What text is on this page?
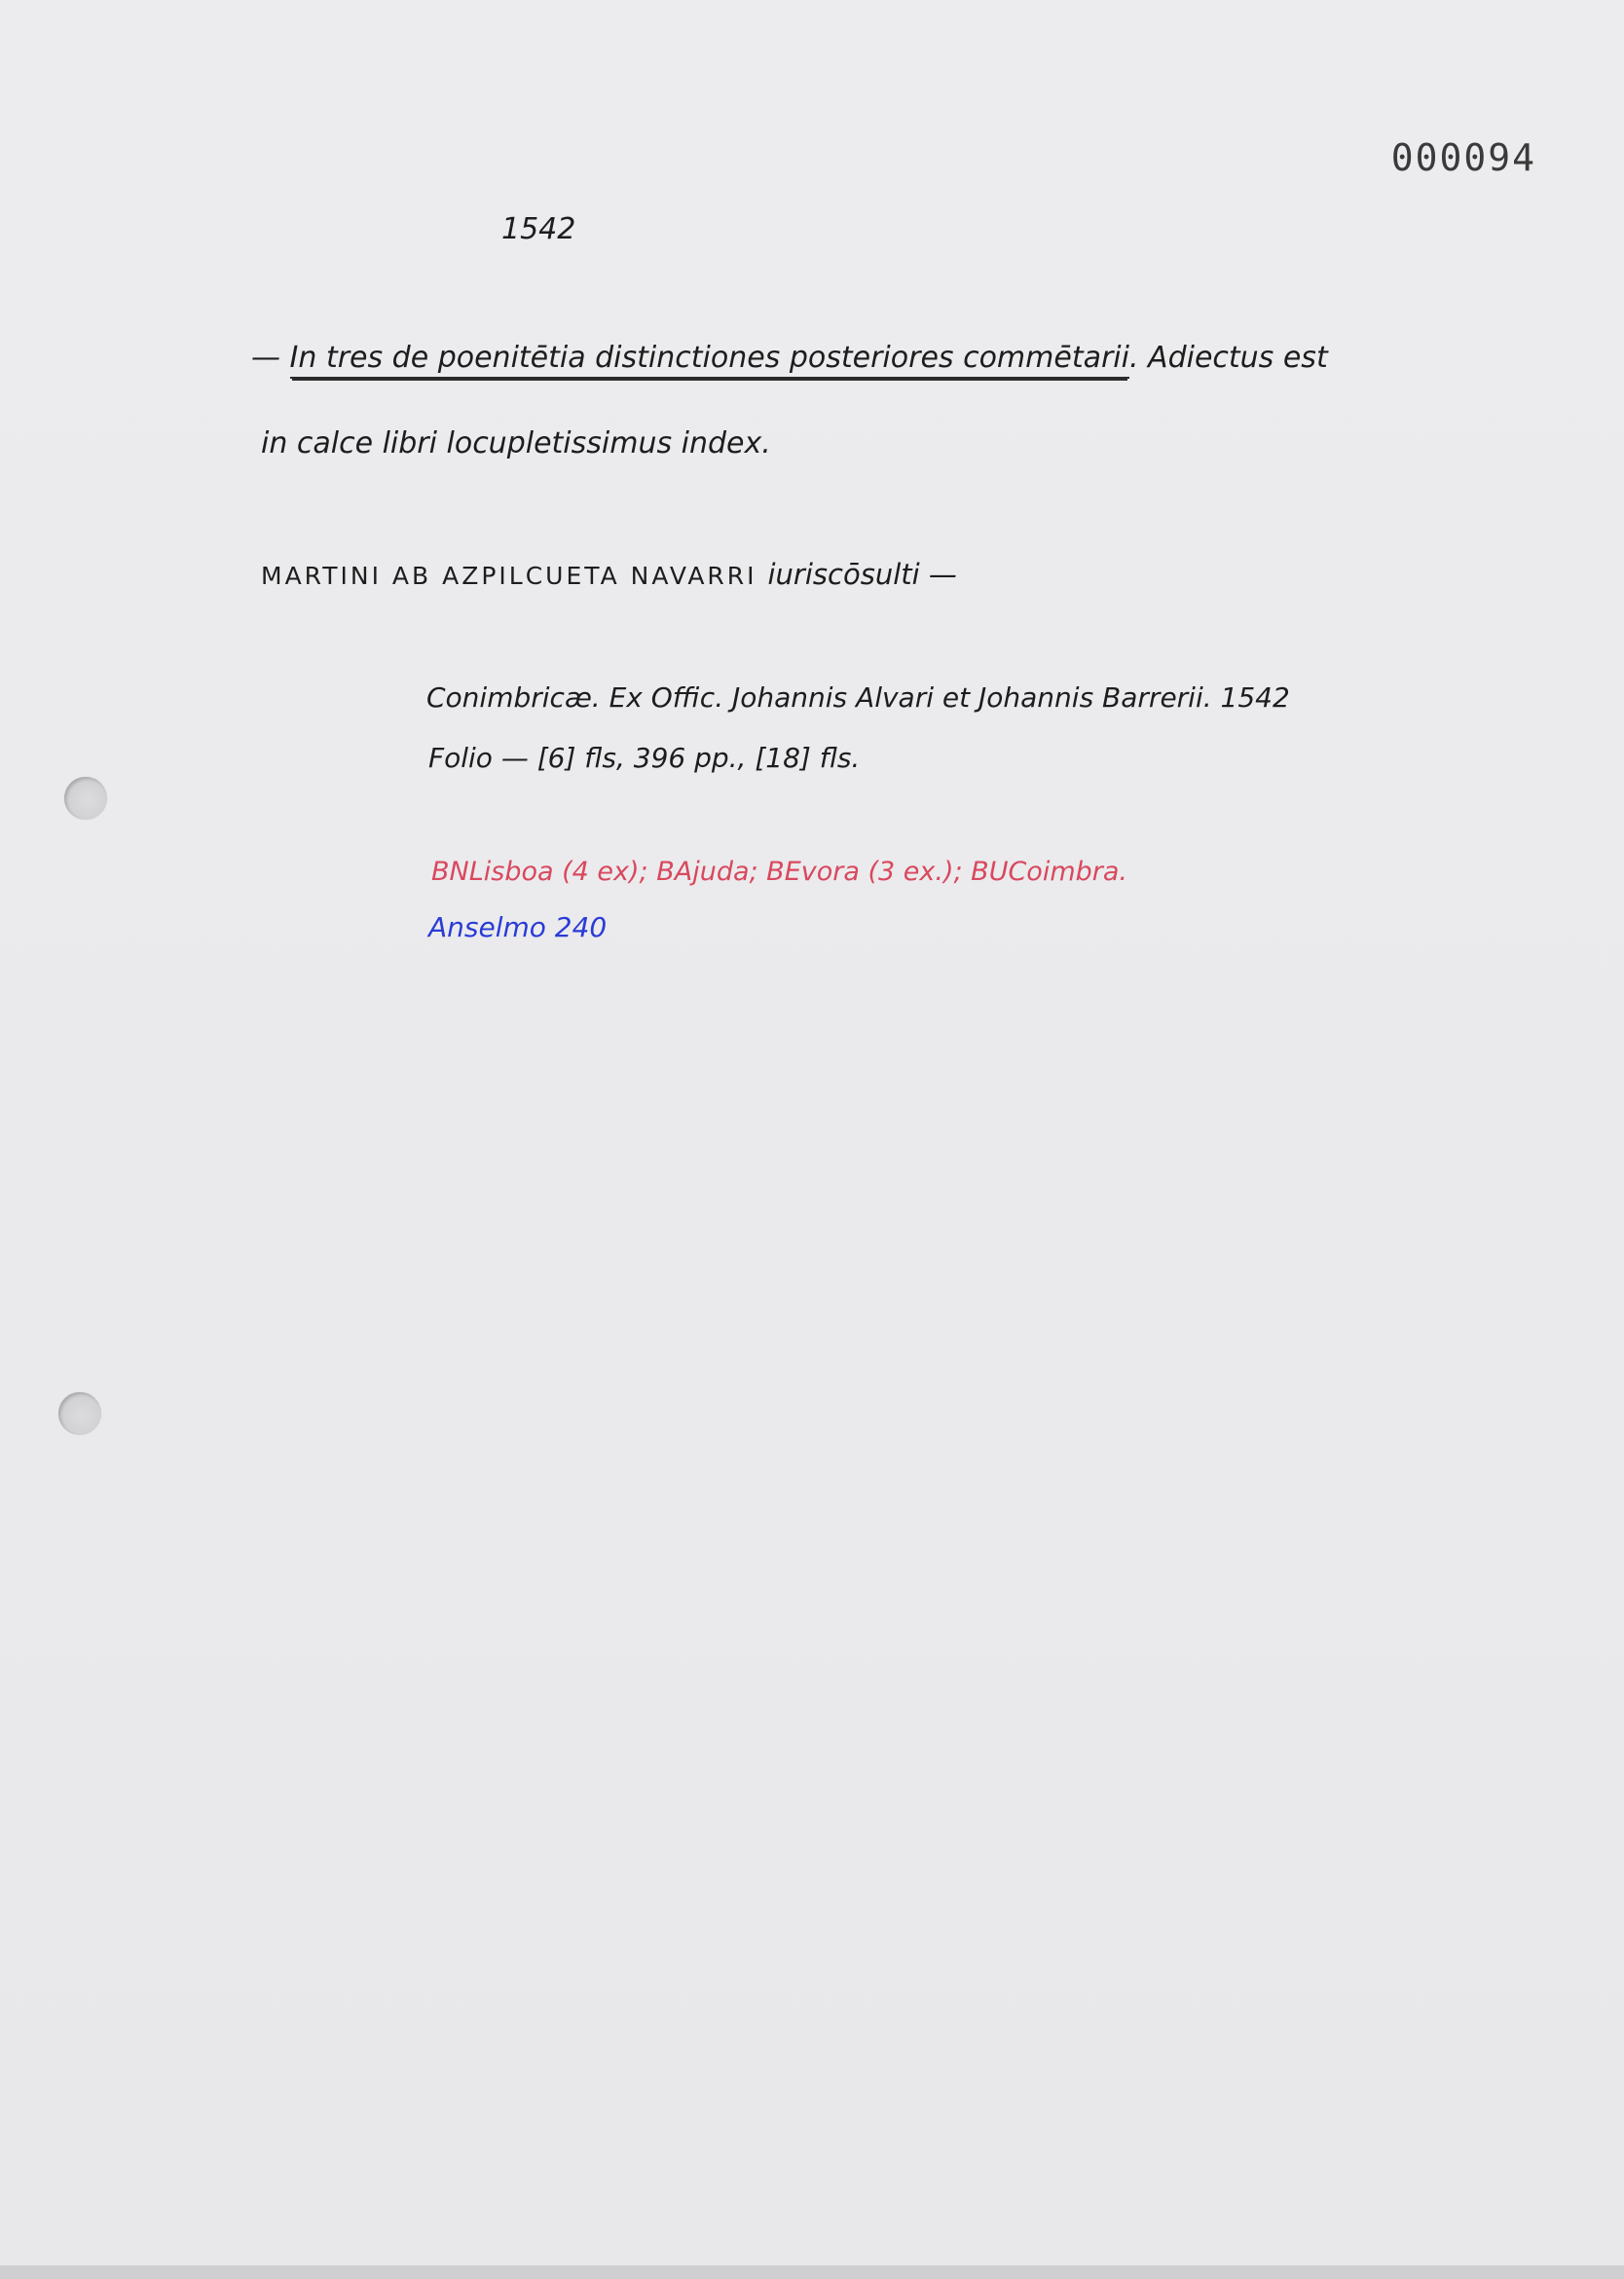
000094
1542
— In tres de poenitētia distinctiones posteriores commētarii. Adiectus est
in calce libri locupletissimus index.
MARTINI AB AZPILCUETA NAVARRI iuriscōsulti —
Conimbricæ. Ex Offic. Johannis Alvari et Johannis Barrerii. 1542
Folio — [6] fls, 396 pp., [18] fls.
BNLisboa (4 ex); BAjuda; BEvora (3 ex.); BUCoimbra.
Anselmo 240
